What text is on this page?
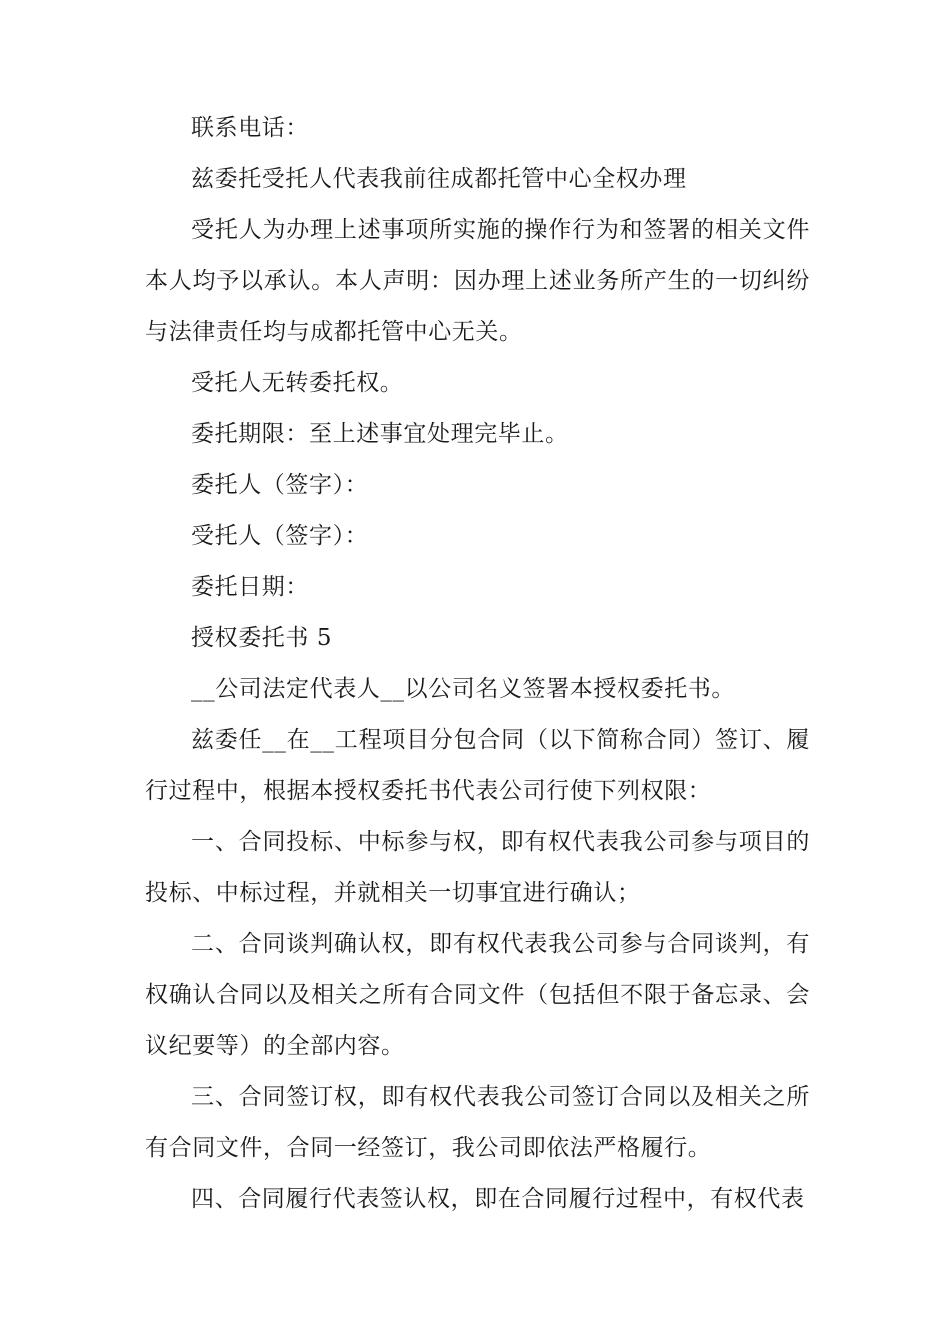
联系电话：

兹委托受托人代表我前往成都托管中心全权办理

受托人为办理上述事项所实施的操作行为和签署的相关文件本人均予以承认。本人声明：因办理上述业务所产生的一切纠纷与法律责任均与成都托管中心无关。

受托人无转委托权。

委托期限：至上述事宜处理完毕止。

委托人（签字）：

受托人（签字）：

委托日期：

授权委托书 5

__公司法定代表人__以公司名义签署本授权委托书。

兹委任__在__工程项目分包合同（以下简称合同）签订、履行过程中，根据本授权委托书代表公司行使下列权限：

一、合同投标、中标参与权，即有权代表我公司参与项目的投标、中标过程，并就相关一切事宜进行确认；

二、合同谈判确认权，即有权代表我公司参与合同谈判，有权确认合同以及相关之所有合同文件（包括但不限于备忘录、会议纪要等）的全部内容。

三、合同签订权，即有权代表我公司签订合同以及相关之所有合同文件，合同一经签订，我公司即依法严格履行。

四、合同履行代表签认权，即在合同履行过程中，有权代表
